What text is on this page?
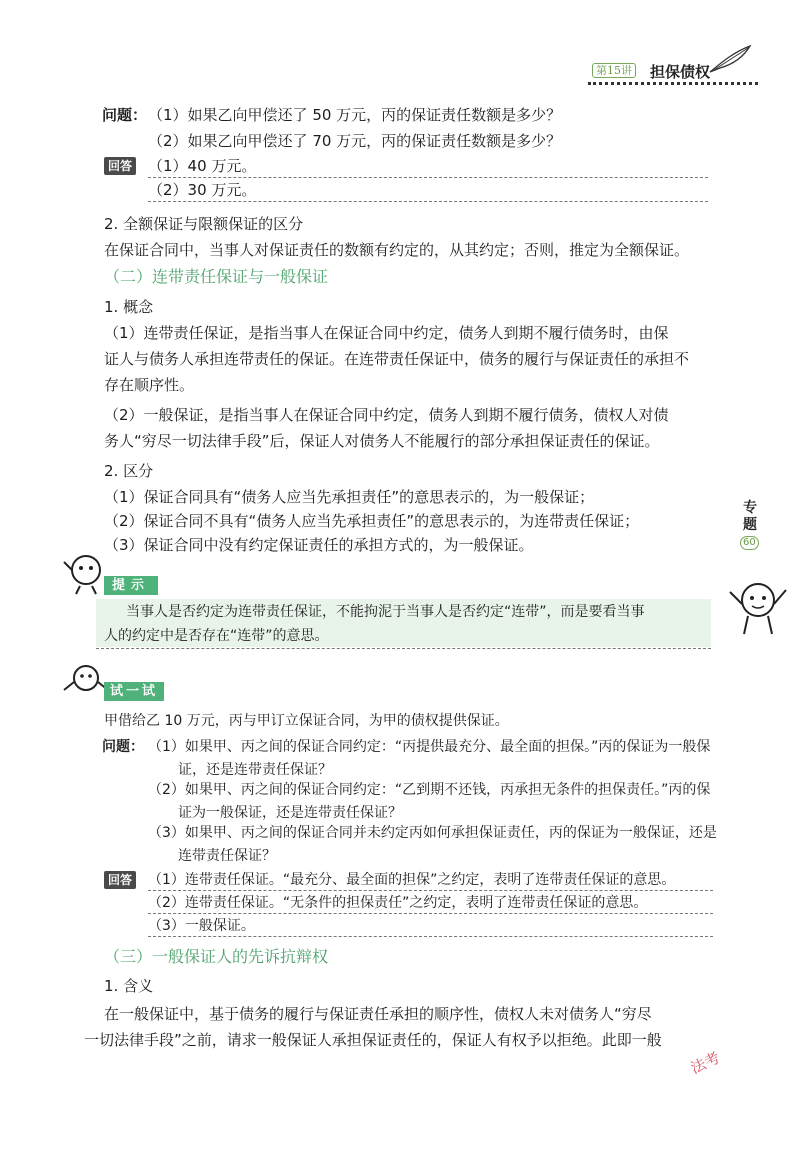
第15讲 担保债权
问题： （1）如果乙向甲偿还了 50 万元，丙的保证责任数额是多少？
（2）如果乙向甲偿还了 70 万元，丙的保证责任数额是多少？
回答 （1）40 万元。
（2）30 万元。
2. 全额保证与限额保证的区分
在保证合同中，当事人对保证责任的数额有约定的，从其约定；否则，推定为全额保证。
（二）连带责任保证与一般保证
1. 概念
（1）连带责任保证，是指当事人在保证合同中约定，债务人到期不履行债务时，由保
证人与债务人承担连带责任的保证。在连带责任保证中，债务的履行与保证责任的承担不
存在顺序性。
（2）一般保证，是指当事人在保证合同中约定，债务人到期不履行债务，债权人对债
务人“穷尽一切法律手段”后，保证人对债务人不能履行的部分承担保证责任的保证。
2. 区分
（1）保证合同具有“债务人应当先承担责任”的意思表示的，为一般保证；
（2）保证合同不具有“债务人应当先承担责任”的意思表示的，为连带责任保证；
（3）保证合同中没有约定保证责任的承担方式的，为一般保证。
专
题
60
提示
当事人是否约定为连带责任保证，不能拘泥于当事人是否约定“连带”，而是要看当事
人的约定中是否存在“连带”的意思。
试一试
甲借给乙 10 万元，丙与甲订立保证合同，为甲的债权提供保证。
问题： （1）如果甲、丙之间的保证合同约定：“丙提供最充分、最全面的担保。”丙的保证为一般保
证，还是连带责任保证？
（2）如果甲、丙之间的保证合同约定：“乙到期不还钱，丙承担无条件的担保责任。”丙的保
证为一般保证，还是连带责任保证？
（3）如果甲、丙之间的保证合同并未约定丙如何承担保证责任，丙的保证为一般保证，还是
连带责任保证？
回答 （1）连带责任保证。“最充分、最全面的担保”之约定，表明了连带责任保证的意思。
（2）连带责任保证。“无条件的担保责任”之约定，表明了连带责任保证的意思。
（3）一般保证。
（三）一般保证人的先诉抗辩权
1. 含义
在一般保证中，基于债务的履行与保证责任承担的顺序性，债权人未对债务人“穷尽
一切法律手段”之前，请求一般保证人承担保证责任的，保证人有权予以拒绝。此即一般
法考
